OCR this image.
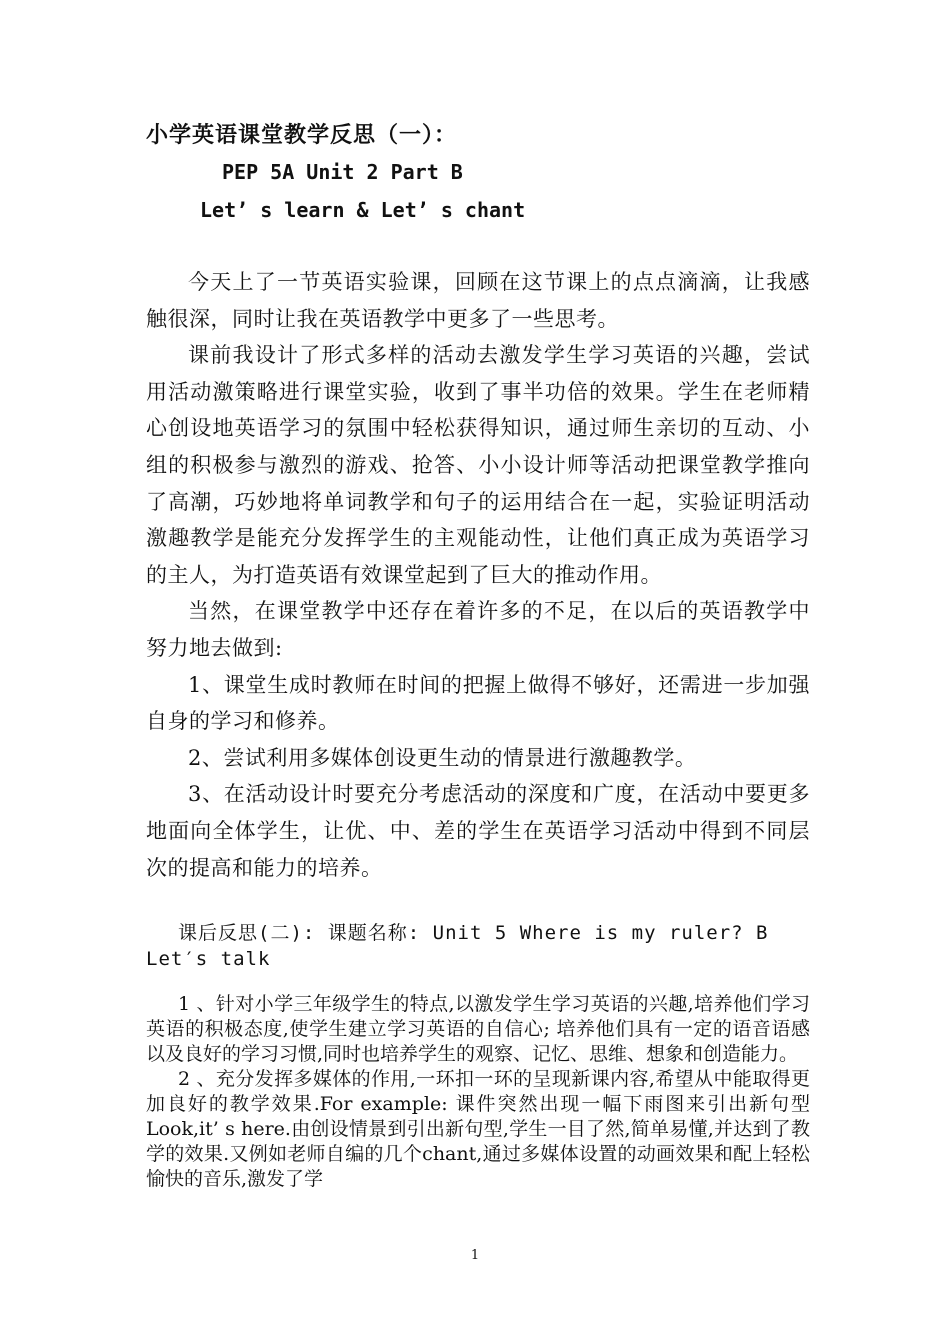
小学英语课堂教学反思（一）：
PEP 5A Unit 2 Part B
Let’ s learn & Let’ s chant

今天上了一节英语实验课，回顾在这节课上的点点滴滴，让我感触很深，同时让我在英语教学中更多了一些思考。

课前我设计了形式多样的活动去激发学生学习英语的兴趣，尝试用活动激策略进行课堂实验，收到了事半功倍的效果。学生在老师精心创设地英语学习的氛围中轻松获得知识，通过师生亲切的互动、小组的积极参与激烈的游戏、抢答、小小设计师等活动把课堂教学推向了高潮，巧妙地将单词教学和句子的运用结合在一起，实验证明活动激趣教学是能充分发挥学生的主观能动性，让他们真正成为英语学习的主人，为打造英语有效课堂起到了巨大的推动作用。

当然，在课堂教学中还存在着许多的不足，在以后的英语教学中努力地去做到:

1、课堂生成时教师在时间的把握上做得不够好，还需进一步加强自身的学习和修养。

2、尝试利用多媒体创设更生动的情景进行激趣教学。

3、在活动设计时要充分考虑活动的深度和广度，在活动中要更多地面向全体学生，让优、中、差的学生在英语学习活动中得到不同层次的提高和能力的培养。

课后反思(二): 课题名称: Unit 5 Where is my ruler? B Let′s talk

1 、针对小学三年级学生的特点,以激发学生学习英语的兴趣,培养他们学习英语的积极态度,使学生建立学习英语的自信心; 培养他们具有一定的语音语感以及良好的学习习惯,同时也培养学生的观察、记忆、思维、想象和创造能力。

2 、充分发挥多媒体的作用,一环扣一环的呈现新课内容,希望从中能取得更加良好的教学效果.For example: 课件突然出现一幅下雨图来引出新句型Look,it’ s here.由创设情景到引出新句型,学生一目了然,简单易懂,并达到了教学的效果.又例如老师自编的几个chant,通过多媒体设置的动画效果和配上轻松愉快的音乐,激发了学

1
